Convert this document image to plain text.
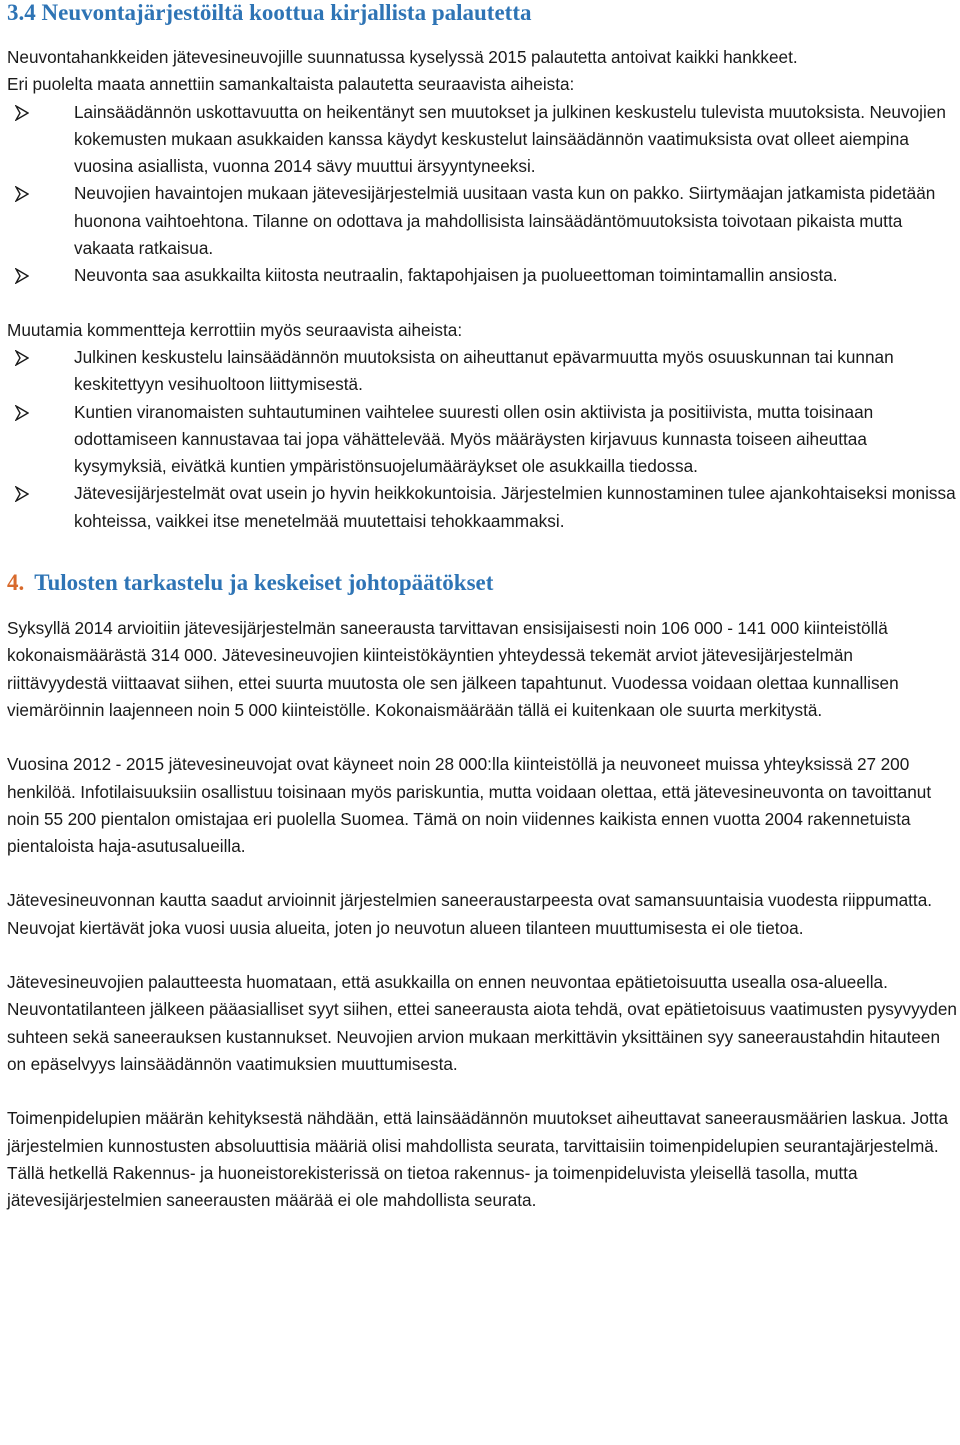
3.4 Neuvontajärjestöiltä koottua kirjallista palautetta

Neuvontahankkeiden jätevesineuvojille suunnatussa kyselyssä 2015 palautetta antoivat kaikki hankkeet.

Eri puolelta maata annettiin samankaltaista palautetta seuraavista aiheista:

Lainsäädännön uskottavuutta on heikentänyt sen muutokset ja julkinen keskustelu tulevista muutoksista. Neuvojien kokemusten mukaan asukkaiden kanssa käydyt keskustelut lainsäädännön vaatimuksista ovat olleet aiempina vuosina asiallista, vuonna 2014 sävy muuttui ärsyyntyneeksi.
Neuvojien havaintojen mukaan jätevesijärjestelmiä uusitaan vasta kun on pakko. Siirtymäajan jatkamista pidetään huonona vaihtoehtona. Tilanne on odottava ja mahdollisista lainsäädäntömuutoksista toivotaan pikaista mutta vakaata ratkaisua.
Neuvonta saa asukkailta kiitosta neutraalin, faktapohjaisen ja puolueettoman toimintamallin ansiosta.

Muutamia kommentteja kerrottiin myös seuraavista aiheista:

Julkinen keskustelu lainsäädännön muutoksista on aiheuttanut epävarmuutta myös osuuskunnan tai kunnan keskitettyyn vesihuoltoon liittymisestä.
Kuntien viranomaisten suhtautuminen vaihtelee suuresti ollen osin aktiivista ja positiivista, mutta toisinaan odottamiseen kannustavaa tai jopa vähättelevää. Myös määräysten kirjavuus kunnasta toiseen aiheuttaa kysymyksiä, eivätkä kuntien ympäristönsuojelumääräykset ole asukkailla tiedossa.
Jätevesijärjestelmät ovat usein jo hyvin heikkokuntoisia. Järjestelmien kunnostaminen tulee ajankohtaiseksi monissa kohteissa, vaikkei itse menetelmää muutettaisi tehokkaammaksi.
4. Tulosten tarkastelu ja keskeiset johtopäätökset

Syksyllä 2014 arvioitiin jätevesijärjestelmän saneerausta tarvittavan ensisijaisesti noin 106 000 - 141 000 kiinteistöllä kokonaismäärästä 314 000. Jätevesineuvojien kiinteistökäyntien yhteydessä tekemät arviot jätevesijärjestelmän riittävyydestä viittaavat siihen, ettei suurta muutosta ole sen jälkeen tapahtunut. Vuodessa voidaan olettaa kunnallisen viemäröinnin laajenneen noin 5 000 kiinteistölle. Kokonaismäärään tällä ei kuitenkaan ole suurta merkitystä.

Vuosina 2012 - 2015 jätevesineuvojat ovat käyneet noin 28 000:lla kiinteistöllä ja neuvoneet muissa yhteyksissä 27 200 henkilöä. Infotilaisuuksiin osallistuu toisinaan myös pariskuntia, mutta voidaan olettaa, että jätevesineuvonta on tavoittanut noin 55 200 pientalon omistajaa eri puolella Suomea. Tämä on noin viidennes kaikista ennen vuotta 2004 rakennetuista pientaloista haja-asutusalueilla.

Jätevesineuvonnan kautta saadut arvioinnit järjestelmien saneeraustarpeesta ovat samansuuntaisia vuodesta riippumatta. Neuvojat kiertävät joka vuosi uusia alueita, joten jo neuvotun alueen tilanteen muuttumisesta ei ole tietoa.

Jätevesineuvojien palautteesta huomataan, että asukkailla on ennen neuvontaa epätietoisuutta usealla osa-alueella. Neuvontatilanteen jälkeen pääasialliset syyt siihen, ettei saneerausta aiota tehdä, ovat epätietoisuus vaatimusten pysyvyyden suhteen sekä saneerauksen kustannukset. Neuvojien arvion mukaan merkittävin yksittäinen syy saneeraustahdin hitauteen on epäselvyys lainsäädännön vaatimuksien muuttumisesta.

Toimenpidelupien määrän kehityksestä nähdään, että lainsäädännön muutokset aiheuttavat saneerausmäärien laskua. Jotta järjestelmien kunnostusten absoluuttisia määriä olisi mahdollista seurata, tarvittaisiin toimenpidelupien seurantajärjestelmä. Tällä hetkellä Rakennus- ja huoneistorekisterissä on tietoa rakennus- ja toimenpideluvista yleisellä tasolla, mutta jätevesijärjestelmien saneerausten määrää ei ole mahdollista seurata.
